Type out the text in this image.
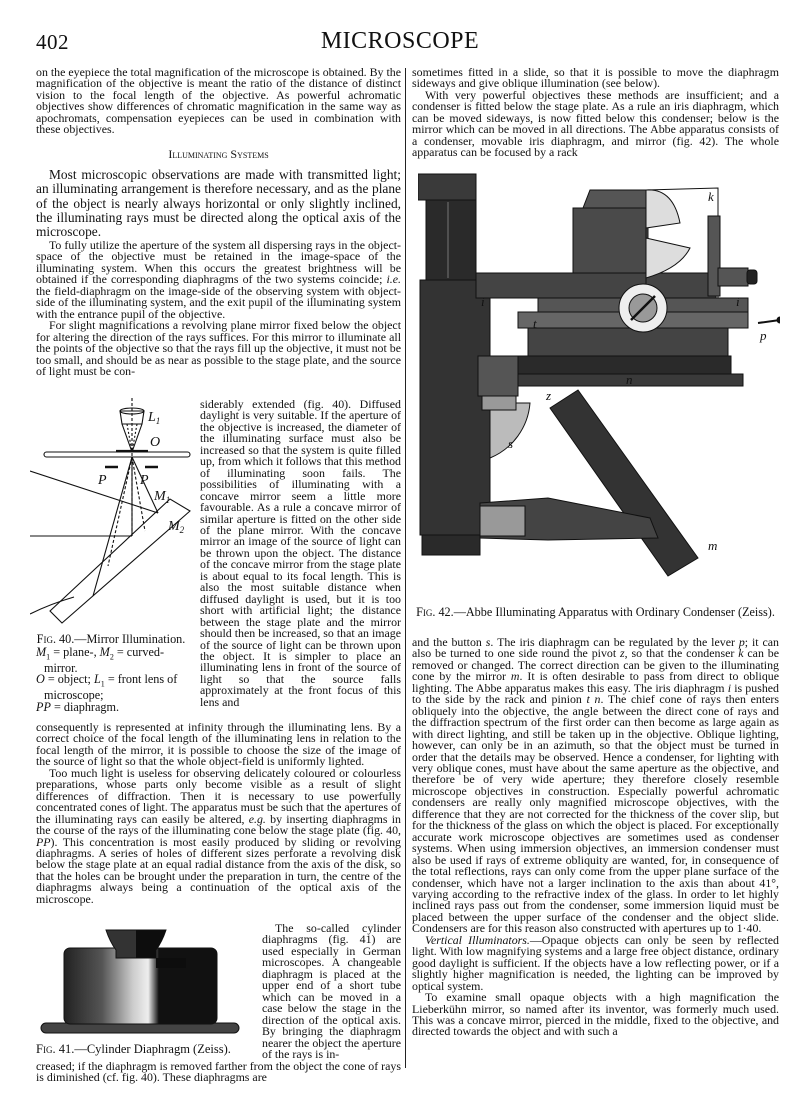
402	MICROSCOPE

on the eyepiece the total magnification of the microscope is obtained. By the magnification of the objective is meant the ratio of the distance of distinct vision to the focal length of the objective. As powerful achromatic objectives show differences of chromatic magnification in the same way as apochromats, compensation eyepieces can be used in combination with these objectives.

Illuminating Systems

Most microscopic observations are made with transmitted light; an illuminating arrangement is therefore necessary, and as the plane of the object is nearly always horizontal or only slightly inclined, the illuminating rays must be directed along the optical axis of the microscope.

To fully utilize the aperture of the system all dispersing rays in the object-space of the objective must be retained in the image-space of the illuminating system. When this occurs the greatest brightness will be obtained if the corresponding diaphragms of the two systems coincide; i.e. the field-diaphragm on the image-side of the observing system with object-side of the illuminating system, and the exit pupil of the illuminating system with the entrance pupil of the objective.

For slight magnifications a revolving plane mirror fixed below the object for altering the direction of the rays suffices. For this mirror to illuminate all the points of the objective so that the rays fill up the objective, it must not be too small, and should be as near as possible to the stage plate, and the source of light must be con-

$L_1$
O
P P
$M_1$
$M_2$
Fig. 40.—Mirror Illumination.
$M_1$ = plane-, $M_2$ = curved-mirror.
O = object; $L_1$ = front lens of microscope;
PP = diaphragm.

siderably extended (fig. 40). Diffused daylight is very suitable. If the aperture of the objective is increased, the diameter of the illuminating surface must also be increased so that the system is quite filled up, from which it follows that this method of illuminating soon fails. The possibilities of illuminating with a concave mirror seem a little more favourable. As a rule a concave mirror of similar aperture is fitted on the other side of the plane mirror. With the concave mirror an image of the source of light can be thrown upon the object. The distance of the concave mirror from the stage plate is about equal to its focal length. This is also the most suitable distance when diffused daylight is used, but it is too short with artificial light; the distance between the stage plate and the mirror should then be increased, so that an image of the source of light can be thrown upon the object. It is simpler to place an illuminating lens in front of the source of light so that the source falls approximately at the front focus of this lens and

consequently is represented at infinity through the illuminating lens. By a correct choice of the focal length of the illuminating lens in relation to the focal length of the mirror, it is possible to choose the size of the image of the source of light so that the whole object-field is uniformly lighted.

Too much light is useless for observing delicately coloured or colourless preparations, whose parts only become visible as a result of slight differences of diffraction. Then it is necessary to use powerfully concentrated cones of light. The apparatus must be such that the apertures of the illuminating rays can easily be altered, e.g. by inserting diaphragms in the course of the rays of the illuminating cone below the stage plate (fig. 40, PP). This concentration is most easily produced by sliding or revolving diaphragms. A series of holes of different sizes perforate a revolving disk below the stage plate at an equal radial distance from the axis of the disk, so that the holes can be brought under the preparation in turn, the centre of the diaphragms always being a continuation of the optical axis of the microscope.

Fig. 41.—Cylinder Diaphragm (Zeiss).

The so-called cylinder diaphragms (fig. 41) are used especially in German microscopes. A changeable diaphragm is placed at the upper end of a short tube which can be moved in a case below the stage in the direction of the optical axis. By bringing the diaphragm nearer the object the aperture of the rays is in-

creased; if the diaphragm is removed farther from the object the cone of rays is diminished (cf. fig. 40). These diaphragms are

sometimes fitted in a slide, so that it is possible to move the diaphragm sideways and give oblique illumination (see below).

With very powerful objectives these methods are insufficient; and a condenser is fitted below the stage plate. As a rule an iris diaphragm, which can be moved sideways, is now fitted below this condenser; below is the mirror which can be moved in all directions. The Abbe apparatus consists of a condenser, movable iris diaphragm, and mirror (fig. 42). The whole apparatus can be focused by a rack

k
i	i
t
p
n
z
s
m
Fig. 42.—Abbe Illuminating Apparatus with Ordinary Condenser (Zeiss).

and the button s. The iris diaphragm can be regulated by the lever p; it can also be turned to one side round the pivot z, so that the condenser k can be removed or changed. The correct direction can be given to the illuminating cone by the mirror m. It is often desirable to pass from direct to oblique lighting. The Abbe apparatus makes this easy. The iris diaphragm i is pushed to the side by the rack and pinion t n. The chief cone of rays then enters obliquely into the objective, the angle between the direct cone of rays and the diffraction spectrum of the first order can then become as large again as with direct lighting, and still be taken up in the objective. Oblique lighting, however, can only be in an azimuth, so that the object must be turned in order that the details may be observed. Hence a condenser, for lighting with very oblique cones, must have about the same aperture as the objective, and therefore be of very wide aperture; they therefore closely resemble microscope objectives in construction. Especially powerful achromatic condensers are really only magnified microscope objectives, with the difference that they are not corrected for the thickness of the cover slip, but for the thickness of the glass on which the object is placed. For exceptionally accurate work microscope objectives are sometimes used as condenser systems. When using immersion objectives, an immersion condenser must also be used if rays of extreme obliquity are wanted, for, in consequence of the total reflections, rays can only come from the upper plane surface of the condenser, which have not a larger inclination to the axis than about 41°, varying according to the refractive index of the glass. In order to let highly inclined rays pass out from the condenser, some immersion liquid must be placed between the upper surface of the condenser and the object slide. Condensers are for this reason also constructed with apertures up to 1·40.

Vertical Illuminators.—Opaque objects can only be seen by reflected light. With low magnifying systems and a large free object distance, ordinary good daylight is sufficient. If the objects have a low reflecting power, or if a slightly higher magnification is needed, the lighting can be improved by optical system.

To examine small opaque objects with a high magnification the Lieberkühn mirror, so named after its inventor, was formerly much used. This was a concave mirror, pierced in the middle, fixed to the objective, and directed towards the object and with such a
